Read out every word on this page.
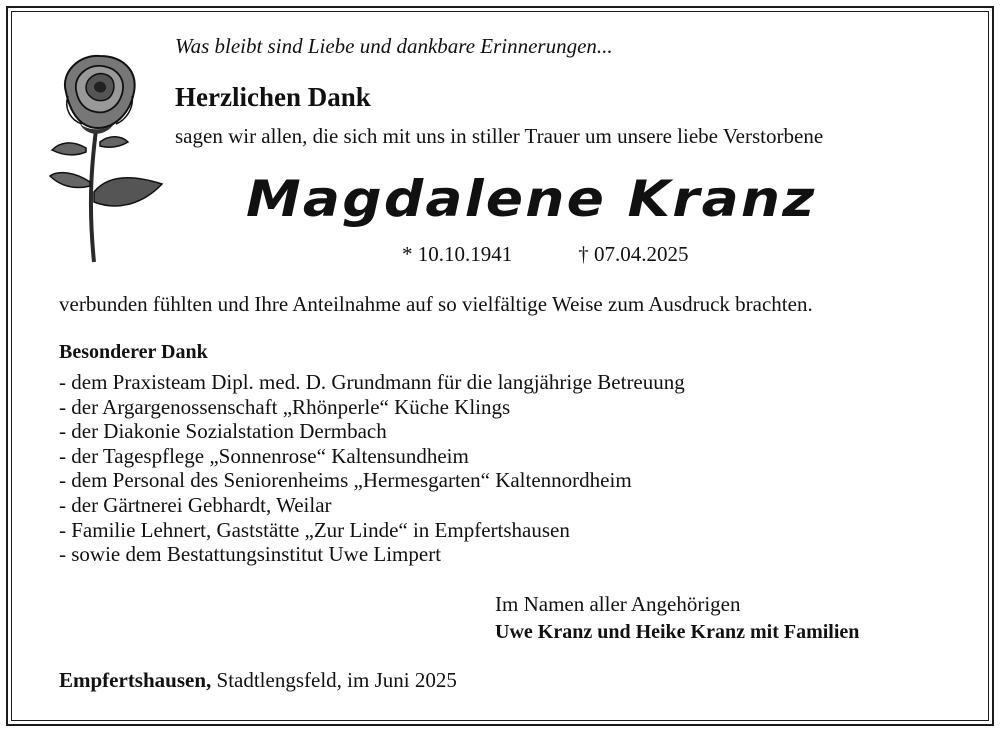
Was bleibt sind Liebe und dankbare Erinnerungen...
Herzlichen Dank
sagen wir allen, die sich mit uns in stiller Trauer um unsere liebe Verstorbene
Magdalene Kranz
* 10.10.1941	† 07.04.2025
verbunden fühlten und Ihre Anteilnahme auf so vielfältige Weise zum Ausdruck brachten.
Besonderer Dank
- dem Praxisteam Dipl. med. D. Grundmann für die langjährige Betreuung
- der Argargenossenschaft „Rhönperle“ Küche Klings
- der Diakonie Sozialstation Dermbach
- der Tagespflege „Sonnenrose“ Kaltensundheim
- dem Personal des Seniorenheims „Hermesgarten“ Kaltennordheim
- der Gärtnerei Gebhardt, Weilar
- Familie Lehnert, Gaststätte „Zur Linde“ in Empfertshausen
- sowie dem Bestattungsinstitut Uwe Limpert
Im Namen aller Angehörigen
Uwe Kranz und Heike Kranz mit Familien
Empfertshausen, Stadtlengsfeld, im Juni 2025
